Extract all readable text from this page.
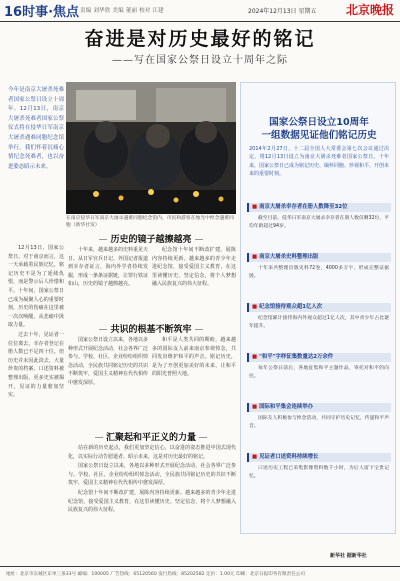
16时事·焦点 责编 刘华欣 美编 董丽 校对 江建	2024年12月13日 星期五 北京晚报
奋进是对历史最好的铭记
——写在国家公祭日设立十周年之际
今年是南京大屠杀死难者国家公祭日设立十周年。12月13日，南京大屠杀死难者国家公祭仪式将在侵华日军南京大屠杀遇难同胞纪念馆举行。我们怀着沉痛心情纪念死难者，也以奋进姿态昭示未来。
在南京侵华日军南京大屠杀遇难同胞纪念馆内，市民和游客在烛光中悼念遇难同胞（新华社发）
历史的镜子越擦越亮

12月13日，国家公祭日。对于南京而言，这一天承载着民族记忆，铭记历史不是为了延续仇恨，而是警示后人珍惜和平。十年间，国家公祭日已成为凝聚人心的重要时刻，历史的伤痛在这里被一次次唤醒，从悲痛中汲取力量。

过去十年，见证者一位位离去，幸存者登记在册人数已不足四十位。但历史并未因此淡去，大量珍贵的档案、口述资料被整理出版，更多史实被揭开，见证的力量愈加坚实。

十年来，越来越多的史料重见天日。从日军官兵日记、外国记者报道到幸存者证言，海内外学者持续发掘，形成一条条证据链，让罪行铁证如山，历史的镜子越擦越亮。

纪念馆十年间不断改扩建，展陈内容持续更新。越来越多的青少年走进纪念馆，接受爱国主义教育，在这里读懂历史、坚定信念，将个人梦想融入民族复兴的伟大征程。

共识的根基不断筑牢

国家公祭日设立以来，各地以多种形式开展纪念活动，社会各界广泛参与。学校、社区、企业纷纷组织悼念活动，全民族共同铭记历史的共识不断筑牢，爱国主义精神在代代相传中愈发深厚。

和平是人类共同的期盼。越来越多的国际友人前来南京参观悼念，共同发出维护和平的声音。铭记历史，是为了开创更加美好的未来，让和平的阳光普照大地。

汇聚起和平正义的力量

站在新的历史起点，我们更加坚定信心，以奋进的姿态推进中国式现代化，以实际行动告慰逝者、昭示未来，这是对历史最好的铭记。

国家公祭日设立以来，各地以多种形式开展纪念活动，社会各界广泛参与。学校、社区、企业纷纷组织悼念活动，全民族共同铭记历史的共识不断筑牢，爱国主义精神在代代相传中愈发深厚。

纪念馆十年间不断改扩建，展陈内容持续更新。越来越多的青少年走进纪念馆，接受爱国主义教育，在这里读懂历史、坚定信念，将个人梦想融入民族复兴的伟大征程。

国家公祭日设立10周年
一组数据见证他们铭记历史
2014年2月27日，十二届全国人大常委会第七次会议通过决定，将12月13日设立为南京大屠杀死难者国家公祭日。十年来，国家公祭日已成为铭记历史、缅怀同胞、珍视和平、开创未来的重要时刻。
■ 南京大屠杀幸存者在册人数降至32位

截至目前，侵华日军南京大屠杀幸存者在册人数仅剩32位，平均年龄超过94岁。

■ 南京大屠杀史料整理出版

十年来共整理出版史料72卷，4000多万字，形成完整证据链。

■ 纪念馆接待观众超1亿人次

纪念馆累计接待海内外观众超过1亿人次，其中青少年占比逐年提升。

■ "和平"字样征集数量达2万余件

每年公祭日前后，各地征集和平主题作品，寄托对和平的向往。

■ 国际和平集会连续举办

国际友人积极参与悼念活动，共同守护历史记忆，传递和平声音。

■ 见证者口述资料持续增长

口述历史工程已采集影像资料数千小时，为后人留下宝贵记忆。

新华社 据新华社
地址：北京市东城区东单三条33号 邮编：100005 广告热线：65120560 发行热线：85202582 定价：1.00元 印刷：北京日报印务有限责任公司
